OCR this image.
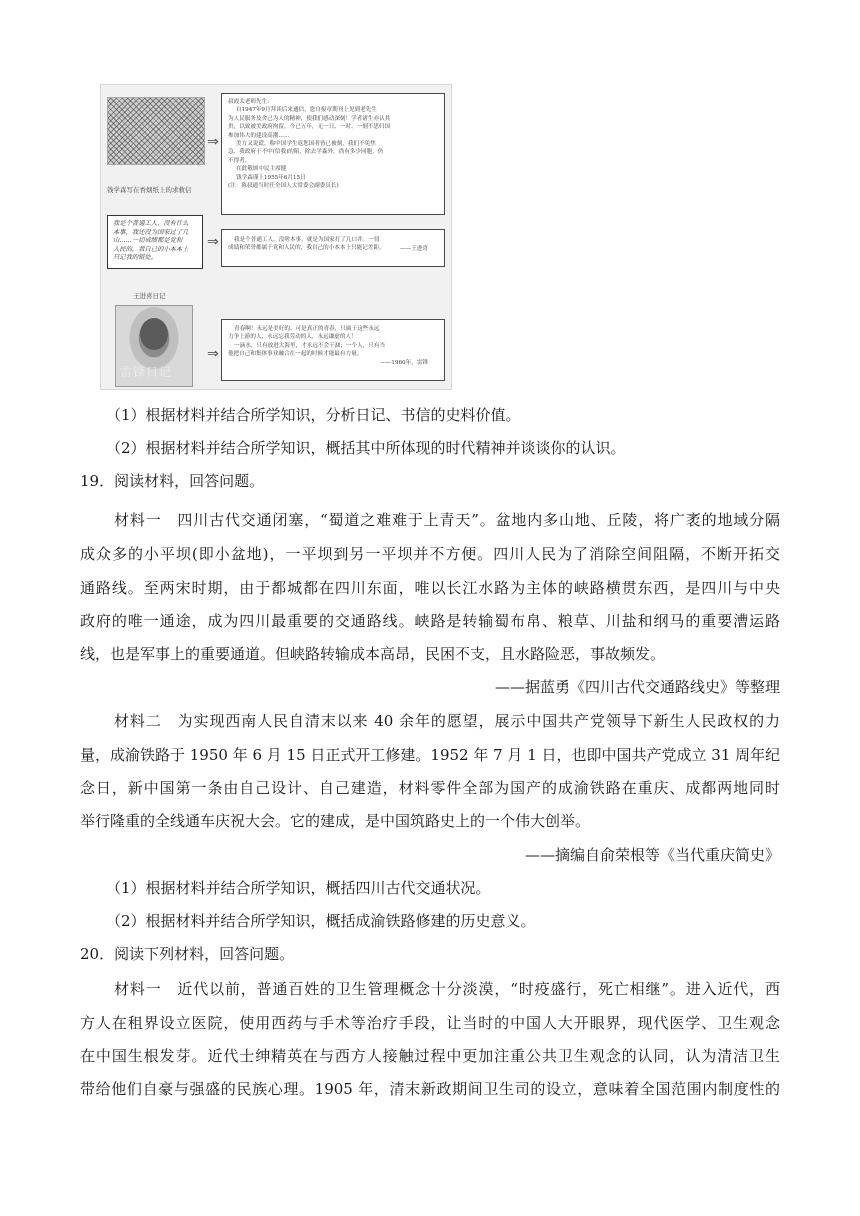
钱学森写在香烟纸上的求救信
⇒

叔霞太老师先生：

自1947年9月拜读后来通信，您自报章期刊上见到老先生

为人民服务及舍己为人的精神，使我们感动深刻！学者诸生亦认其

贵，以致被美政府拘留，今已五年，无一日、一时、一刻不思归国

参加伟大的建设高潮……

美方又说谎，称中国学生返您国者皆已被刻，我们不免焦

急，我政府于不中(信我)的陷，除去学森外，尚有多少同胞，仍

不得者。

在此敬颂中民主席健

钱学森谨上1955年6月15日

(注：陈叔通当时任全国人大常委会副委员长)

我是个普通工人，没有什么

本事，我还没为国家过了几

山……一切成绩都是党和

人民的，我自己的小本本上

只记我的错处。

王进喜日记
⇒	我是个普通工人，没啥本事，就是为国家打了几口井。一切

成绩和荣誉都属于党和人民的，我自己的小本本上只能记差距。	——王进喜

雷锋日记
⇒

青春啊！永远是美好的，可是真正的青春，只属于这些永远

力争上游的人，永远忘我劳动的人，永远谦虚的人！

一滴水，只有放进大海里，才永远不会干涸；一个人，只有当

他把自己和集体事业融合在一起的时候才能最有力量。

——1960年，雷锋

（1）根据材料并结合所学知识，分析日记、书信的史料价值。
（2）根据材料并结合所学知识，概括其中所体现的时代精神并谈谈你的认识。
19．阅读材料，回答问题。
材料一　四川古代交通闭塞，“蜀道之难难于上青天”。盆地内多山地、丘陵，将广袤的地域分隔
成众多的小平坝(即小盆地)，一平坝到另一平坝并不方便。四川人民为了消除空间阻隔，不断开拓交
通路线。至两宋时期，由于都城都在四川东面，唯以长江水路为主体的峡路横贯东西，是四川与中央
政府的唯一通途，成为四川最重要的交通路线。峡路是转输蜀布帛、粮草、川盐和纲马的重要漕运路
线，也是军事上的重要通道。但峡路转输成本高昂，民困不支，且水路险恶，事故频发。
——据蓝勇《四川古代交通路线史》等整理
材料二　为实现西南人民自清末以来 40 余年的愿望，展示中国共产党领导下新生人民政权的力
量，成渝铁路于 1950 年 6 月 15 日正式开工修建。1952 年 7 月 1 日，也即中国共产党成立 31 周年纪
念日，新中国第一条由自己设计、自己建造，材料零件全部为国产的成渝铁路在重庆、成都两地同时
举行隆重的全线通车庆祝大会。它的建成，是中国筑路史上的一个伟大创举。
——摘编自俞荣根等《当代重庆简史》
（1）根据材料并结合所学知识，概括四川古代交通状况。
（2）根据材料并结合所学知识，概括成渝铁路修建的历史意义。
20．阅读下列材料，回答问题。
材料一　近代以前，普通百姓的卫生管理概念十分淡漠，“时疫盛行，死亡相继”。进入近代，西
方人在租界设立医院，使用西药与手术等治疗手段，让当时的中国人大开眼界，现代医学、卫生观念
在中国生根发芽。近代士绅精英在与西方人接触过程中更加注重公共卫生观念的认同，认为清洁卫生
带给他们自豪与强盛的民族心理。1905 年，清末新政期间卫生司的设立，意味着全国范围内制度性的
